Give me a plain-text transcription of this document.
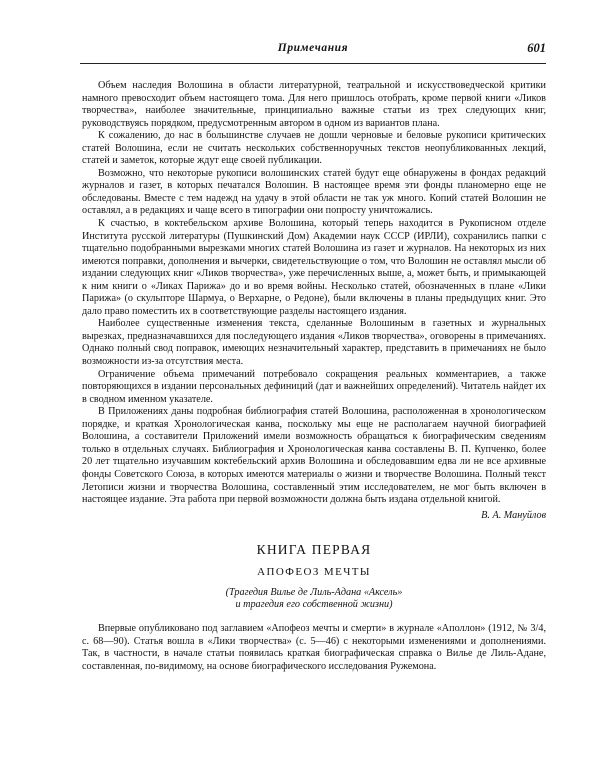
Примечания	601

Объем наследия Волошина в области литературной, театральной и искусствоведческой критики намного превосходит объем настоящего тома. Для него пришлось отобрать, кроме первой книги «Ликов творчества», наиболее значительные, принципиально важные статьи из трех следующих книг, руководствуясь порядком, предусмотренным автором в одном из вариантов плана.

К сожалению, до нас в большинстве случаев не дошли черновые и беловые рукописи критических статей Волошина, если не считать нескольких собственноручных текстов неопубликованных лекций, статей и заметок, которые ждут еще своей публикации.

Возможно, что некоторые рукописи волошинских статей будут еще обнаружены в фондах редакций журналов и газет, в которых печатался Волошин. В настоящее время эти фонды планомерно еще не обследованы. Вместе с тем надежд на удачу в этой области не так уж много. Копий статей Волошин не оставлял, а в редакциях и чаще всего в типографии они попросту уничтожались.

К счастью, в коктебельском архиве Волошина, который теперь находится в Рукописном отделе Института русской литературы (Пушкинский Дом) Академии наук СССР (ИРЛИ), сохранились папки с тщательно подобранными вырезками многих статей Волошина из газет и журналов. На некоторых из них имеются поправки, дополнения и вычерки, свидетельствующие о том, что Волошин не оставлял мысли об издании следующих книг «Ликов творчества», уже перечисленных выше, а, может быть, и примыкающей к ним книги о «Ликах Парижа» до и во время войны. Несколько статей, обозначенных в плане «Лики Парижа» (о скульпторе Шармуа, о Верхарне, о Редоне), были включены в планы предыдущих книг. Это дало право поместить их в соответствующие разделы настоящего издания.

Наиболее существенные изменения текста, сделанные Волошиным в газетных и журнальных вырезках, предназначавшихся для последующего издания «Ликов творчества», оговорены в примечаниях. Однако полный свод поправок, имеющих незначительный характер, представить в примечаниях не было возможности из-за отсутствия места.

Ограничение объема примечаний потребовало сокращения реальных комментариев, а также повторяющихся в издании персональных дефиниций (дат и важнейших определений). Читатель найдет их в сводном именном указателе.

В Приложениях даны подробная библиография статей Волошина, расположенная в хронологическом порядке, и краткая Хронологическая канва, поскольку мы еще не располагаем научной биографией Волошина, а составители Приложений имели возможность обращаться к биографическим сведениям только в отдельных случаях. Библиография и Хронологическая канва составлены В. П. Купченко, более 20 лет тщательно изучавшим коктебельский архив Волошина и обследовавшим едва ли не все архивные фонды Советского Союза, в которых имеются материалы о жизни и творчестве Волошина. Полный текст Летописи жизни и творчества Волошина, составленный этим исследователем, не мог быть включен в настоящее издание. Эта работа при первой возможности должна быть издана отдельной книгой.

В. А. Мануйлов
КНИГА ПЕРВАЯ
АПОФЕОЗ МЕЧТЫ
(Трагедия Вилье де Лиль-Адана «Аксель»
и трагедия его собственной жизни)

Впервые опубликовано под заглавием «Апофеоз мечты и смерти» в журнале «Аполлон» (1912, № 3/4, с. 68—90). Статья вошла в «Лики творчества» (с. 5—46) с некоторыми изменениями и дополнениями. Так, в частности, в начале статьи появилась краткая биографическая справка о Вилье де Лиль-Адане, составленная, по-видимому, на основе биографического исследования Ружемона.
